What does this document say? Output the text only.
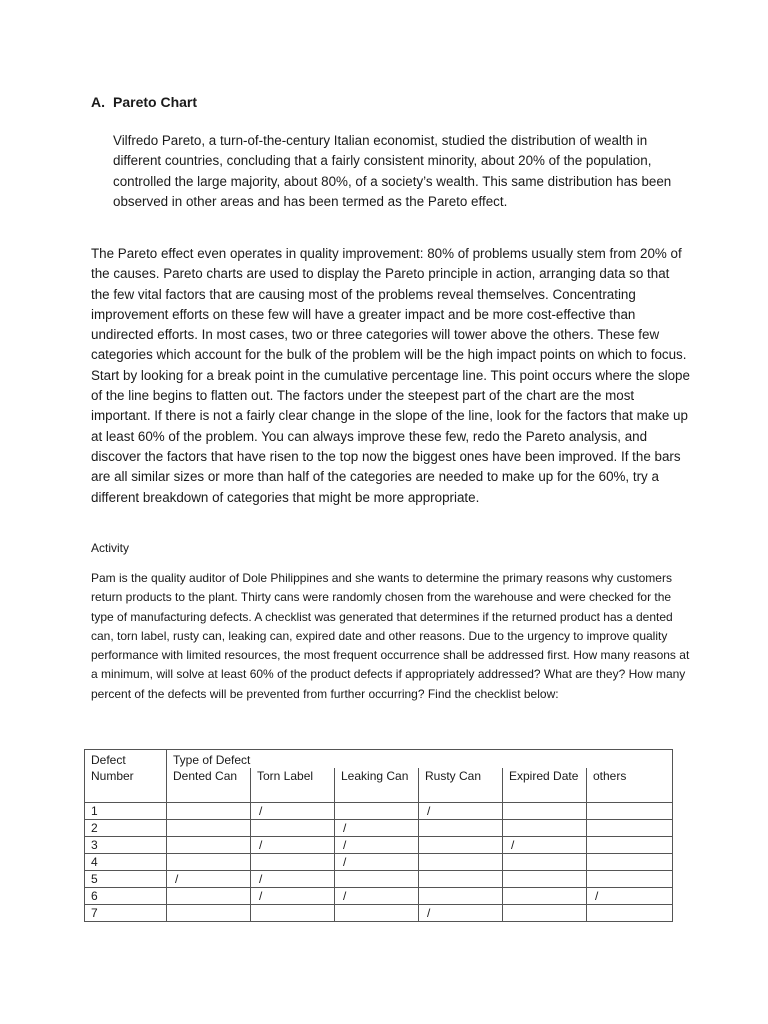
A. Pareto Chart

Vilfredo Pareto, a turn-of-the-century Italian economist, studied the distribution of wealth in different countries, concluding that a fairly consistent minority, about 20% of the population, controlled the large majority, about 80%, of a society’s wealth. This same distribution has been observed in other areas and has been termed as the Pareto effect.

The Pareto effect even operates in quality improvement: 80% of problems usually stem from 20% of the causes. Pareto charts are used to display the Pareto principle in action, arranging data so that the few vital factors that are causing most of the problems reveal themselves. Concentrating improvement efforts on these few will have a greater impact and be more cost-effective than undirected efforts. In most cases, two or three categories will tower above the others. These few categories which account for the bulk of the problem will be the high impact points on which to focus. Start by looking for a break point in the cumulative percentage line. This point occurs where the slope of the line begins to flatten out. The factors under the steepest part of the chart are the most important. If there is not a fairly clear change in the slope of the line, look for the factors that make up at least 60% of the problem. You can always improve these few, redo the Pareto analysis, and discover the factors that have risen to the top now the biggest ones have been improved. If the bars are all similar sizes or more than half of the categories are needed to make up for the 60%, try a different breakdown of categories that might be more appropriate.

Activity

Pam is the quality auditor of Dole Philippines and she wants to determine the primary reasons why customers return products to the plant. Thirty cans were randomly chosen from the warehouse and were checked for the type of manufacturing defects. A checklist was generated that determines if the returned product has a dented can, torn label, rusty can, leaking can, expired date and other reasons. Due to the urgency to improve quality performance with limited resources, the most frequent occurrence shall be addressed first. How many reasons at a minimum, will solve at least 60% of the product defects if appropriately addressed? What are they? How many percent of the defects will be prevented from further occurring? Find the checklist below:

Defect	Type of Defect					
Number	Dented Can	Torn Label	Leaking Can	Rusty Can	Expired Date	others
1		/		/		
2			/			
3		/	/		/	
4			/			
5	/	/				
6		/	/			/
7				/		
